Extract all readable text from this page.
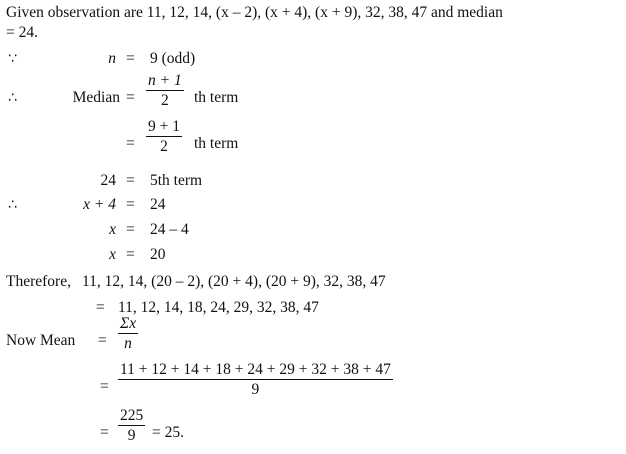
Given observation are 11, 12, 14, (x – 2), (x + 4), (x + 9), 32, 38, 47 and median
= 24.
∵	n = 9 (odd)
∴	Median = $\frac{n + 1}{2}$ th term
= $\frac{9 + 1}{2}$ th term
24 = 5th term
∴	x + 4 = 24
x = 24 – 4
x = 20
Therefore, 11, 12, 14, (20 – 2), (20 + 4), (20 + 9), 32, 38, 47
= 11, 12, 14, 18, 24, 29, 32, 38, 47
Now Mean = $\frac{\Sigma x}{n}$
= $\frac{11 + 12 + 14 + 18 + 24 + 29 + 32 + 38 + 47}{9}$
= $\frac{225}{9} = 25$.
